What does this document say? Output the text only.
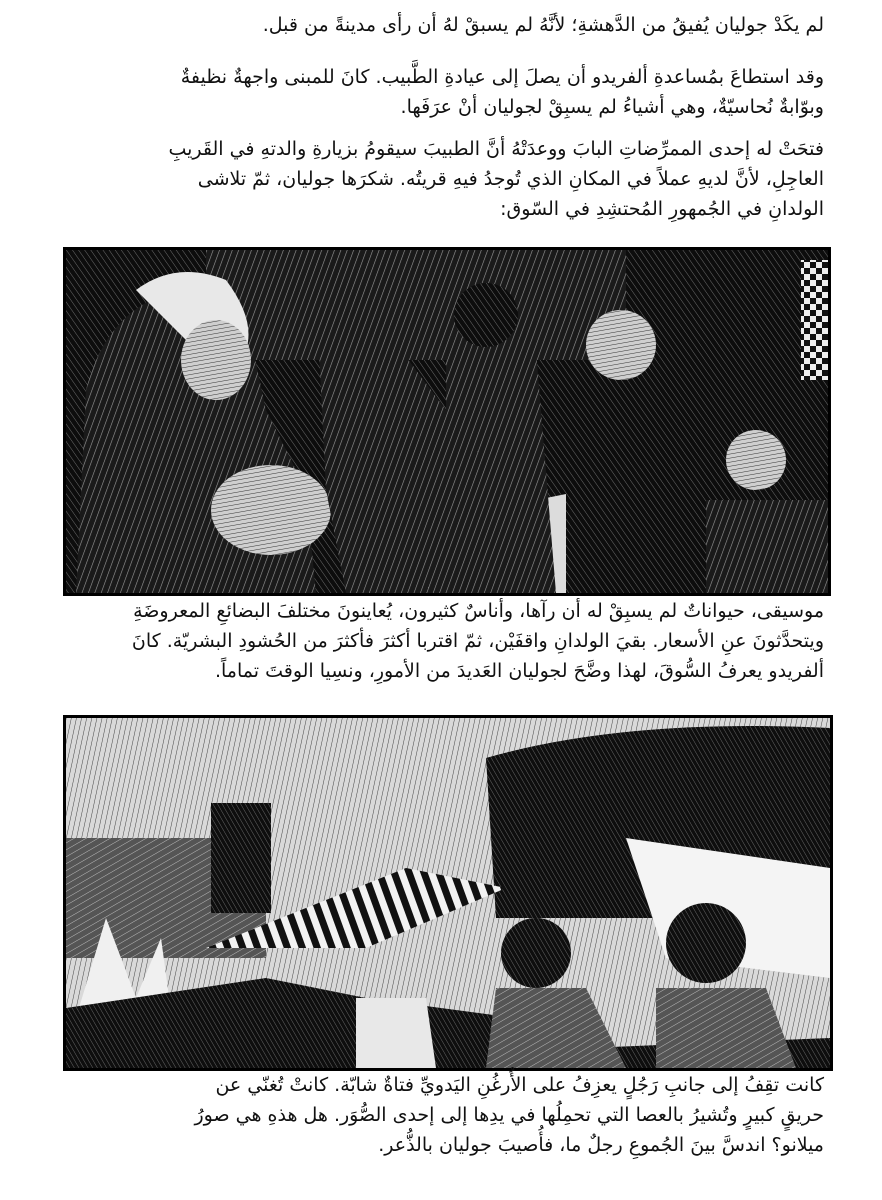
لم يكَدْ جوليان يُفيقُ من الدَّهشةِ؛ لأنَّهُ لم يسبقْ لهُ أن رأى مدينةً من قبل.

وقد استطاعَ بمُساعدةِ ألفريدو أن يصلَ إلى عيادةِ الطَّبيب. كانَ للمبنى واجهةٌ نظيفةٌ
وبوّابةٌ نُحاسيّةٌ، وهي أشياءُ لم يسبِقْ لجوليان أنْ عرَفَها.

فتحَتْ له إحدى الممرِّضاتِ البابَ ووعدَتْهُ أنَّ الطبيبَ سيقومُ بزيارةِ والدتهِ في القَريبِ
العاجِلِ، لأنَّ لديهِ عملاً في المكانِ الذي تُوجدُ فيهِ قريتُه. شكرَها جوليان، ثمّ تلاشى
الولدانِ في الجُمهورِ المُحتشِدِ في السّوق:

موسيقى، حيواناتٌ لم يسبِقْ له أن رآها، وأناسٌ كثيرون، يُعاينونَ مختلفَ البضائعِ المعروضَةِ
ويتحدَّثونَ عنِ الأسعار. بقيَ الولدانِ واقفَيْن، ثمّ اقتربا أكثرَ فأكثرَ من الحُشودِ البشريّة. كانَ
ألفريدو يعرفُ السُّوقَ، لهذا وضَّحَ لجوليان العَديدَ من الأمورِ، ونسِيا الوقتَ تماماً.

كانت تقِفُ إلى جانبِ رَجُلٍ يعزِفُ على الأُرغُنِ اليَدويِّ فتاةٌ شابّة. كانتْ تُغنّي عن
حريقٍ كبيرٍ وتُشيرُ بالعصا التي تحمِلُها في يدِها إلى إحدى الصُّوَر. هل هذهِ هي صورُ
ميلانو؟ اندسَّ بينَ الجُموعِ رجلٌ ما، فأُصيبَ جوليان بالذُّعر.
